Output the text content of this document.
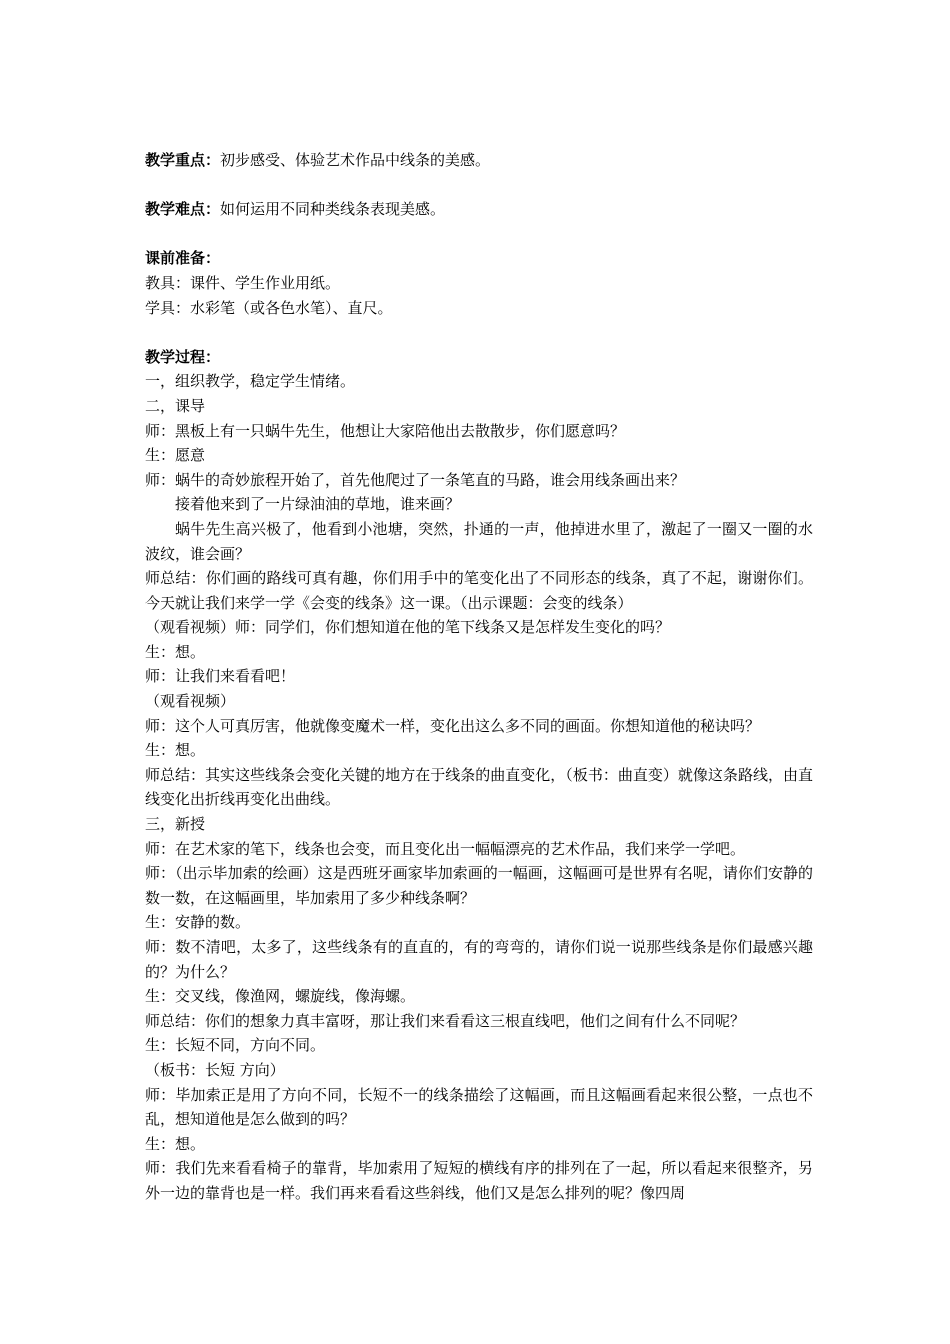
教学重点：初步感受、体验艺术作品中线条的美感。

教学难点：如何运用不同种类线条表现美感。

课前准备：

教具：课件、学生作业用纸。

学具：水彩笔（或各色水笔）、直尺。

教学过程：

一，组织教学，稳定学生情绪。

二，课导

师：黑板上有一只蜗牛先生，他想让大家陪他出去散散步，你们愿意吗？

生：愿意

师：蜗牛的奇妙旅程开始了，首先他爬过了一条笔直的马路，谁会用线条画出来？

接着他来到了一片绿油油的草地，谁来画？

蜗牛先生高兴极了，他看到小池塘，突然，扑通的一声，他掉进水里了，激起了一圈又一圈的水波纹，谁会画？

师总结：你们画的路线可真有趣，你们用手中的笔变化出了不同形态的线条，真了不起，谢谢你们。今天就让我们来学一学《会变的线条》这一课。（出示课题：会变的线条）

（观看视频）师：同学们，你们想知道在他的笔下线条又是怎样发生变化的吗？

生：想。

师：让我们来看看吧！

（观看视频）

师：这个人可真厉害，他就像变魔术一样，变化出这么多不同的画面。你想知道他的秘诀吗？

生：想。

师总结：其实这些线条会变化关键的地方在于线条的曲直变化，（板书：曲直变）就像这条路线，由直线变化出折线再变化出曲线。

三，新授

师：在艺术家的笔下，线条也会变，而且变化出一幅幅漂亮的艺术作品，我们来学一学吧。

师：（出示毕加索的绘画）这是西班牙画家毕加索画的一幅画，这幅画可是世界有名呢，请你们安静的数一数，在这幅画里，毕加索用了多少种线条啊？

生：安静的数。

师：数不清吧，太多了，这些线条有的直直的，有的弯弯的，请你们说一说那些线条是你们最感兴趣的？为什么？

生：交叉线，像渔网，螺旋线，像海螺。

师总结：你们的想象力真丰富呀，那让我们来看看这三根直线吧，他们之间有什么不同呢？

生：长短不同，方向不同。

（板书：长短 方向）

师：毕加索正是用了方向不同，长短不一的线条描绘了这幅画，而且这幅画看起来很公整，一点也不乱，想知道他是怎么做到的吗？

生：想。

师：我们先来看看椅子的靠背，毕加索用了短短的横线有序的排列在了一起，所以看起来很整齐，另外一边的靠背也是一样。我们再来看看这些斜线，他们又是怎么排列的呢？像四周
